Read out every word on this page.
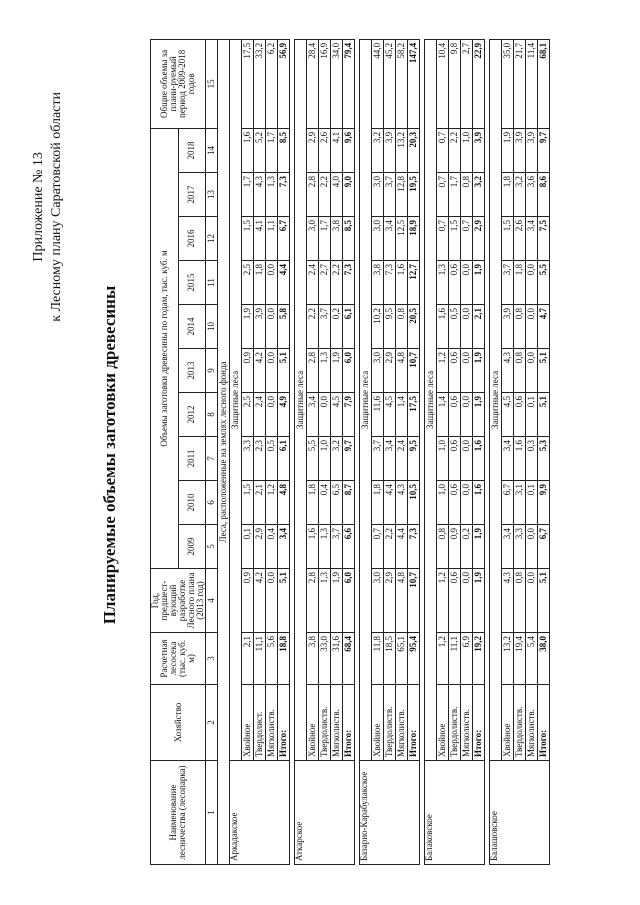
Приложение № 13 к Лесному плану Саратовской области
Планируемые объемы заготовки древесины
Наименование лесничества (лесопарка)	Хозяйство	Расчетная лесосека (тыс. куб. м)	Год, предшест-вующий разработке Лесного плана (2013 год)	Объемы заготовки древесины по годам, тыс. куб. м										Общие объемы за плани-руемый период 2009-2018 годов
				2009	2010	2011	2012	2013	2014	2015	2016	2017	2018	
1	2	3	4	5	6	7	8	9	10	11	12	13	14	15
Леса, расположенные на землях лесного фонда														
Аркадакское	Защитные леса													
	Хвойное	2,1	0,9	0,1	1,5	3,3	2,5	0,9	1,9	2,5	1,5	1,7	1,6	17,5
	Твердолист.	11,1	4,2	2,9	2,1	2,3	2,4	4,2	3,9	1,8	4,1	4,3	5,2	33,2
	Мягколиств.	5,6	0,0	0,4	1,2	0,5	0,0	0,0	0,0	0,0	1,1	1,3	1,7	6,2
	Итого:	18,8	5,1	3,4	4,8	6,1	4,9	5,1	5,8	4,4	6,7	7,3	8,5	56,9

Аткарское	Защитные леса													
	Хвойное	3,8	2,8	1,6	1,8	5,5	3,4	2,8	2,2	2,4	3,0	2,8	2,9	28,4
	Твердолиств.	33,0	1,3	1,3	0,4	1,0	0,0	1,3	3,7	2,7	1,7	2,2	2,6	16,9
	Мягколиств.	31,6	1,9	3,7	6,5	3,2	4,5	1,9	0,2	2,2	3,8	4,0	4,1	34,0
	Итого:	68,4	6,0	6,6	8,7	9,7	7,9	6,0	6,1	7,3	8,5	9,0	9,6	79,4

Базарно-Карабулакское	Защитные леса													
	Хвойное	11,8	3,0	0,7	1,8	3,7	11,6	3,0	10,2	3,8	3,0	3,0	3,2	44,0
	Твердолиств.	18,5	2,9	2,2	4,4	3,4	4,5	2,9	9,5	7,3	3,4	3,7	3,9	45,2
	Мягколиств.	65,1	4,8	4,4	4,3	2,4	1,4	4,8	0,8	1,6	12,5	12,8	13,2	58,2
	Итого:	95,4	10,7	7,3	10,5	9,5	17,5	10,7	20,5	12,7	18,9	19,5	20,3	147,4

Балаковское	Защитные леса													
	Хвойное	1,2	1,2	0,8	1,0	1,0	1,4	1,2	1,6	1,3	0,7	0,7	0,7	10,4
	Твердолиств.	11,1	0,6	0,9	0,6	0,6	0,6	0,6	0,5	0,6	1,5	1,7	2,2	9,8
	Мягколиств.	6,9	0,0	0,2	0,0	0,0	0,0	0,0	0,0	0,0	0,7	0,8	1,0	2,7
	Итого:	19,2	1,9	1,9	1,6	1,6	1,9	1,9	2,1	1,9	2,9	3,2	3,9	22,9

Балашовское	Защитные леса													
	Хвойное	13,2	4,3	3,4	6,7	3,4	4,5	4,3	3,9	3,7	1,5	1,8	1,9	35,0
	Твердолиств.	19,4	0,8	3,3	3,1	1,6	0,6	0,8	0,8	1,8	2,6	3,2	3,9	21,7
	Мягколиств.	5,4	0,0	0,0	0,1	0,3	0,1	0,0	0,0	0,0	3,4	3,6	3,9	11,4
	Итого:	38,0	5,1	6,7	9,9	5,3	5,1	5,1	4,7	5,5	7,5	8,6	9,7	68,1
